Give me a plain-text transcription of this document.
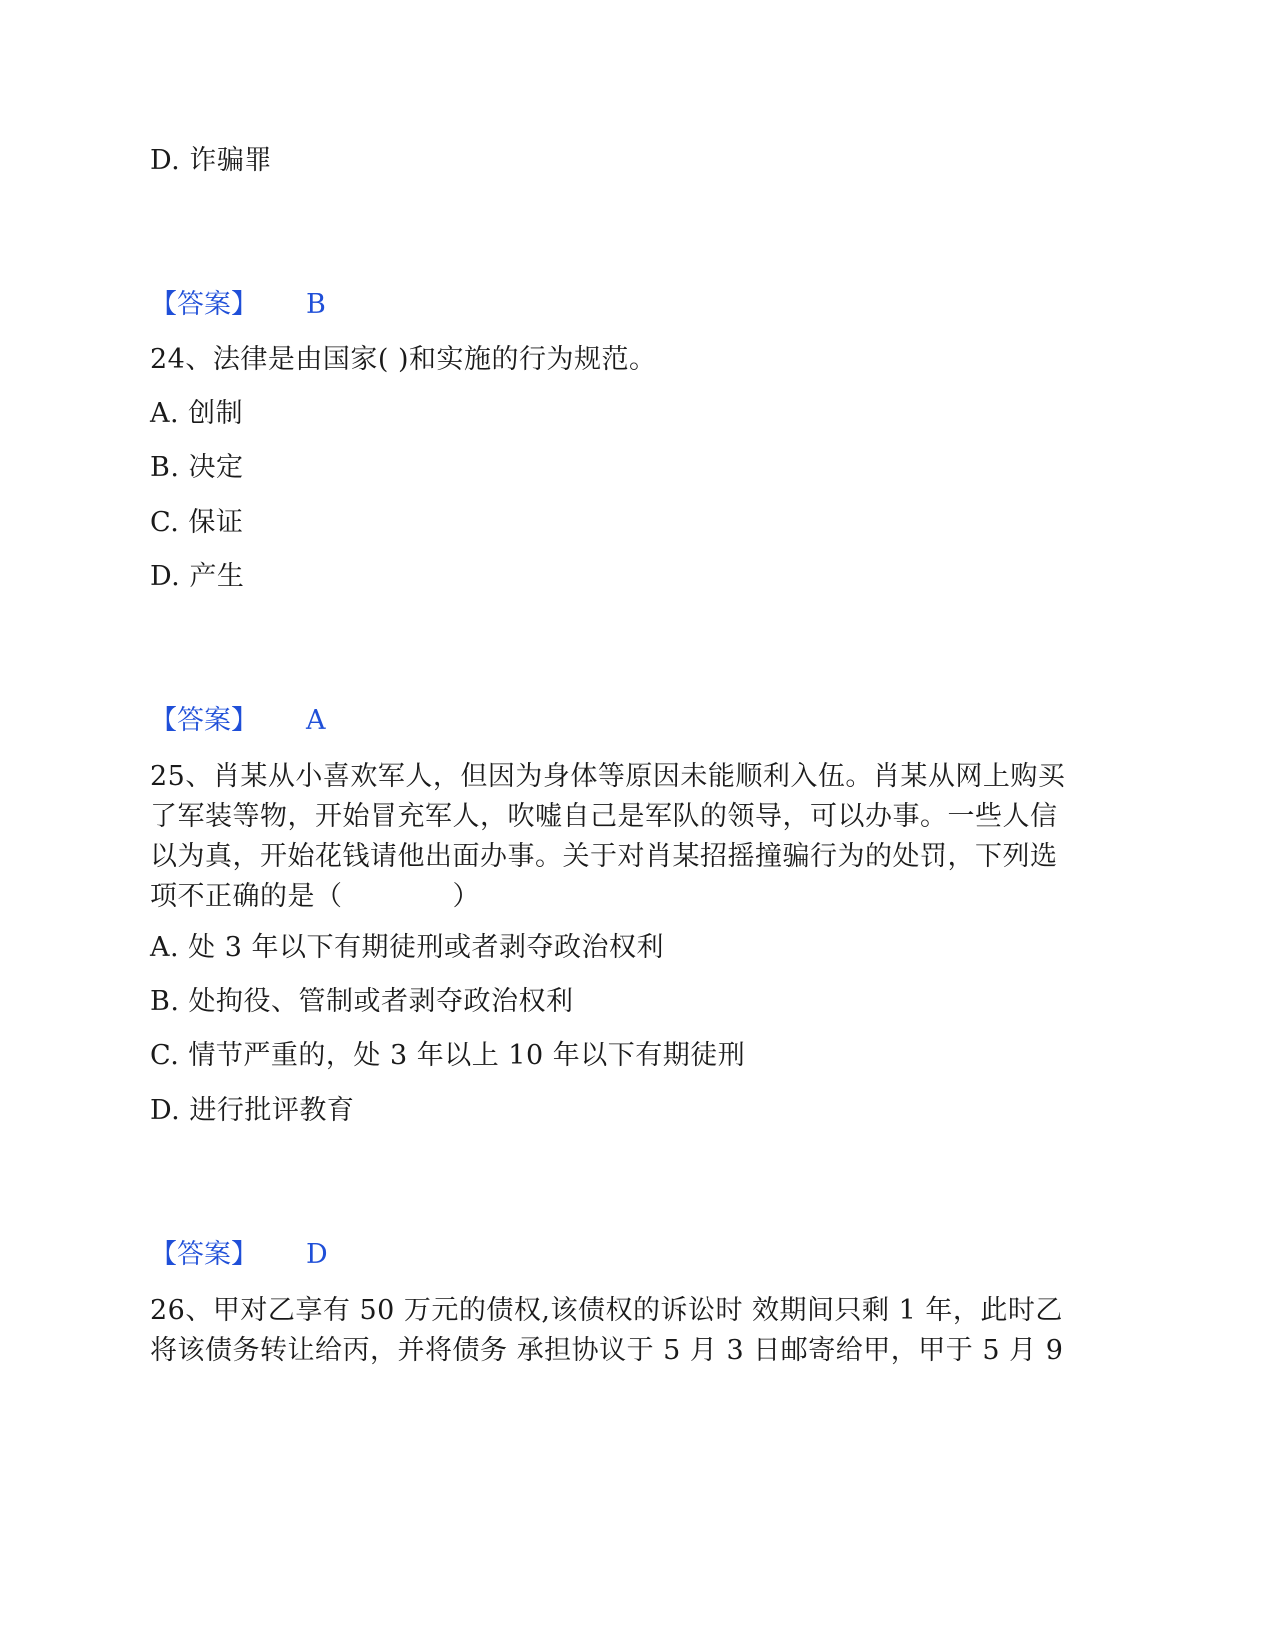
D. 诈骗罪
【答案】 B
24、法律是由国家( )和实施的行为规范。
A. 创制
B. 决定
C. 保证
D. 产生
【答案】 A
25、肖某从小喜欢军人，但因为身体等原因未能顺利入伍。肖某从网上购买
了军装等物，开始冒充军人，吹嘘自己是军队的领导，可以办事。一些人信
以为真，开始花钱请他出面办事。关于对肖某招摇撞骗行为的处罚，下列选
项不正确的是（　　　　）
A. 处 3 年以下有期徒刑或者剥夺政治权利
B. 处拘役、管制或者剥夺政治权利
C. 情节严重的，处 3 年以上 10 年以下有期徒刑
D. 进行批评教育
【答案】 D
26、甲对乙享有 50 万元的债权,该债权的诉讼时 效期间只剩 1 年，此时乙
将该债务转让给丙，并将债务 承担协议于 5 月 3 日邮寄给甲，甲于 5 月 9
